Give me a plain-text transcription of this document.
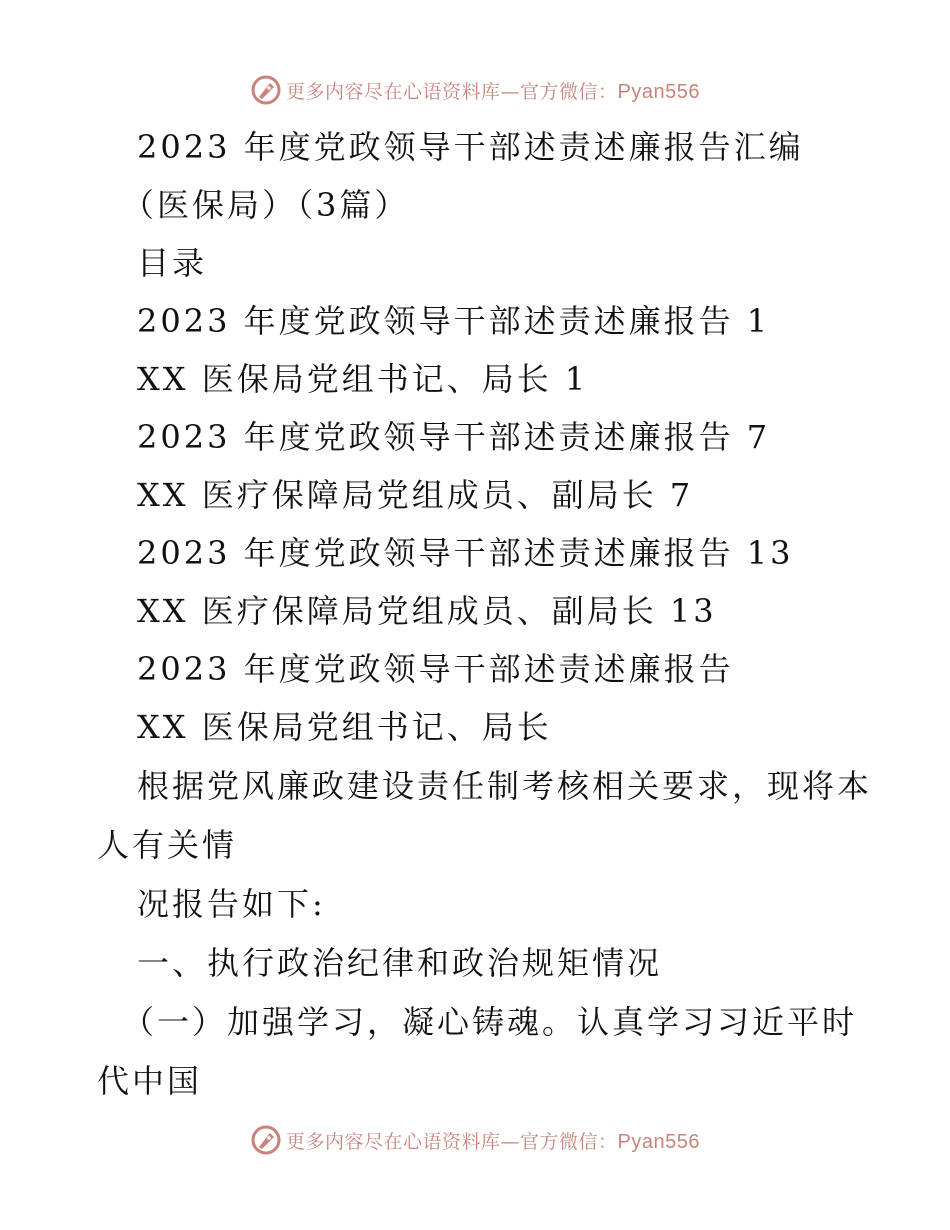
更多内容尽在心语资料库—官方微信：Pyan556
2023 年度党政领导干部述责述廉报告汇编
（医保局）（3篇）
目录
2023 年度党政领导干部述责述廉报告 1
XX 医保局党组书记、局长 1
2023 年度党政领导干部述责述廉报告 7
XX 医疗保障局党组成员、副局长 7
2023 年度党政领导干部述责述廉报告 13
XX 医疗保障局党组成员、副局长 13
2023 年度党政领导干部述责述廉报告
XX 医保局党组书记、局长
根据党风廉政建设责任制考核相关要求，现将本
人有关情
况报告如下:
一、执行政治纪律和政治规矩情况
（一）加强学习，凝心铸魂。认真学习习近平时
代中国
更多内容尽在心语资料库—官方微信：Pyan556
